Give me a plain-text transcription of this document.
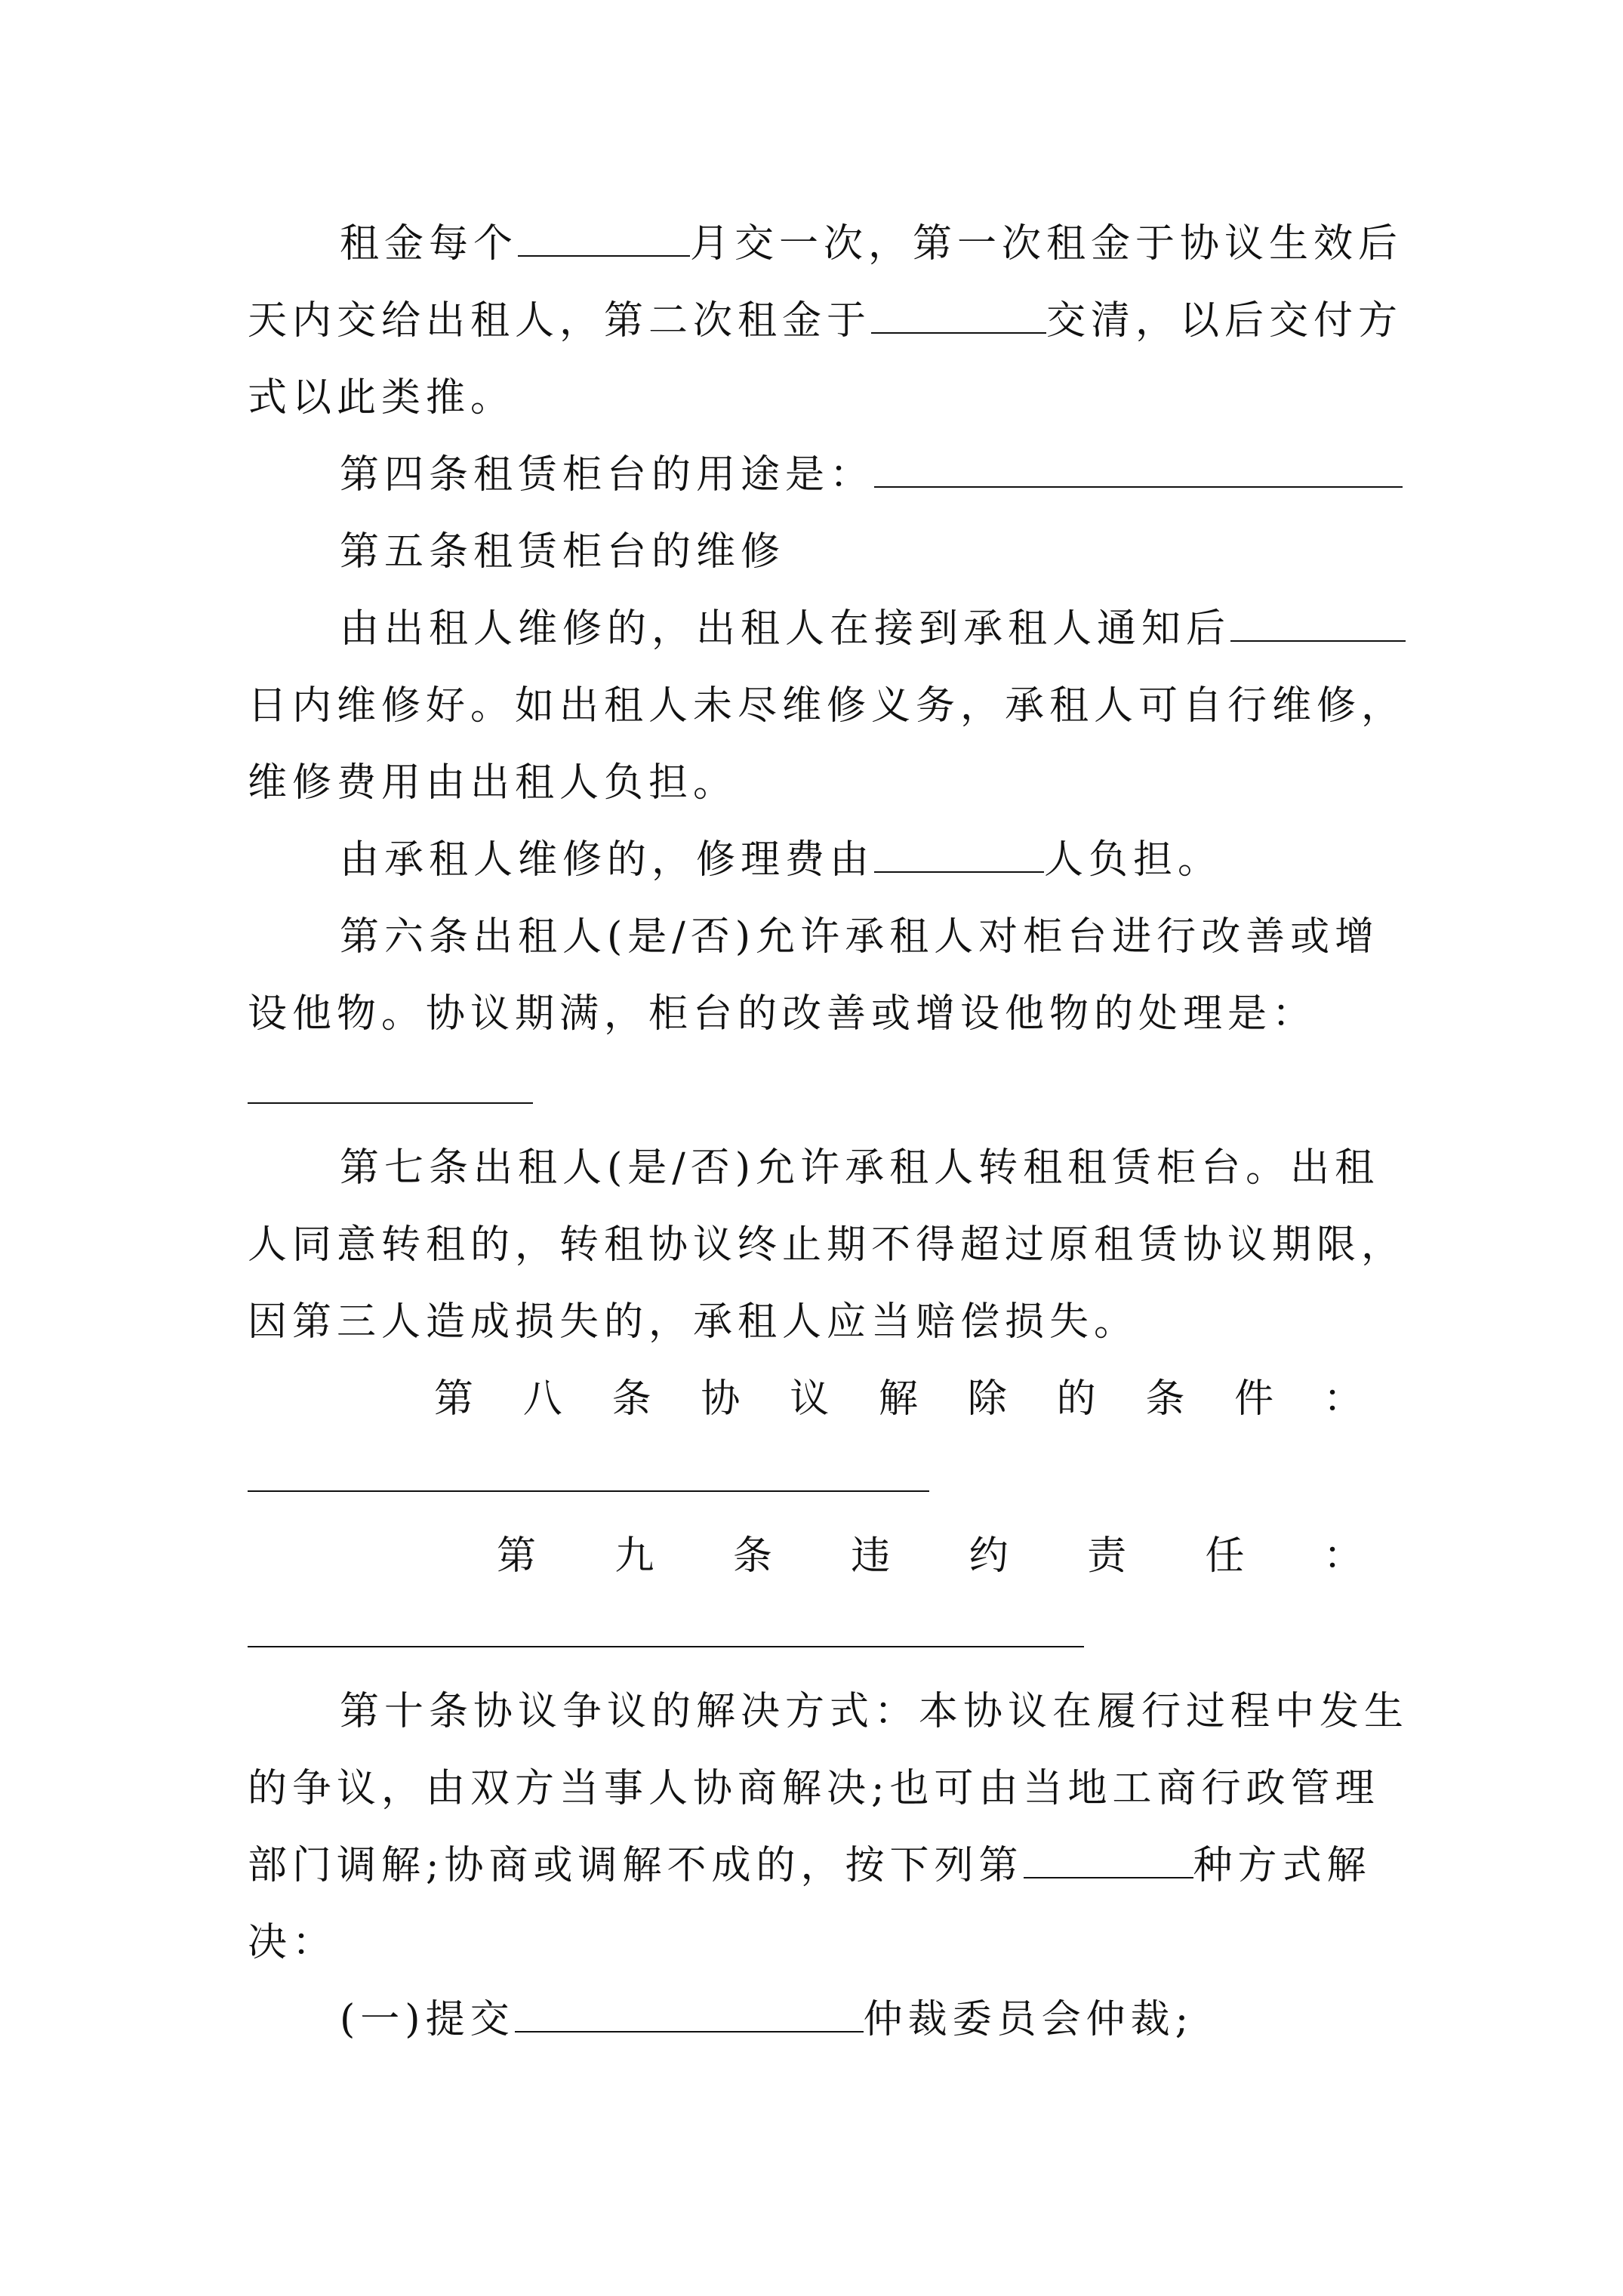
租金每个	月交一次，第一次租金于协议生效后
天内交给出租人，第二次租金于	交清，以后交付方
式以此类推。
第四条租赁柜台的用途是：
第五条租赁柜台的维修
由出租人维修的，出租人在接到承租人通知后
日内维修好。如出租人未尽维修义务，承租人可自行维修，
维修费用由出租人负担。
由承租人维修的，修理费由	人负担。
第六条出租人(是/否)允许承租人对柜台进行改善或增
设他物。协议期满，柜台的改善或增设他物的处理是：
第七条出租人(是/否)允许承租人转租租赁柜台。出租
人同意转租的，转租协议终止期不得超过原租赁协议期限，
因第三人造成损失的，承租人应当赔偿损失。
第 八 条 协 议 解 除 的 条 件 ：
第 九 条 违 约 责 任 ：
第十条协议争议的解决方式：本协议在履行过程中发生
的争议，由双方当事人协商解决;也可由当地工商行政管理
部门调解;协商或调解不成的，按下列第	种方式解
决：
(一)提交	仲裁委员会仲裁;
